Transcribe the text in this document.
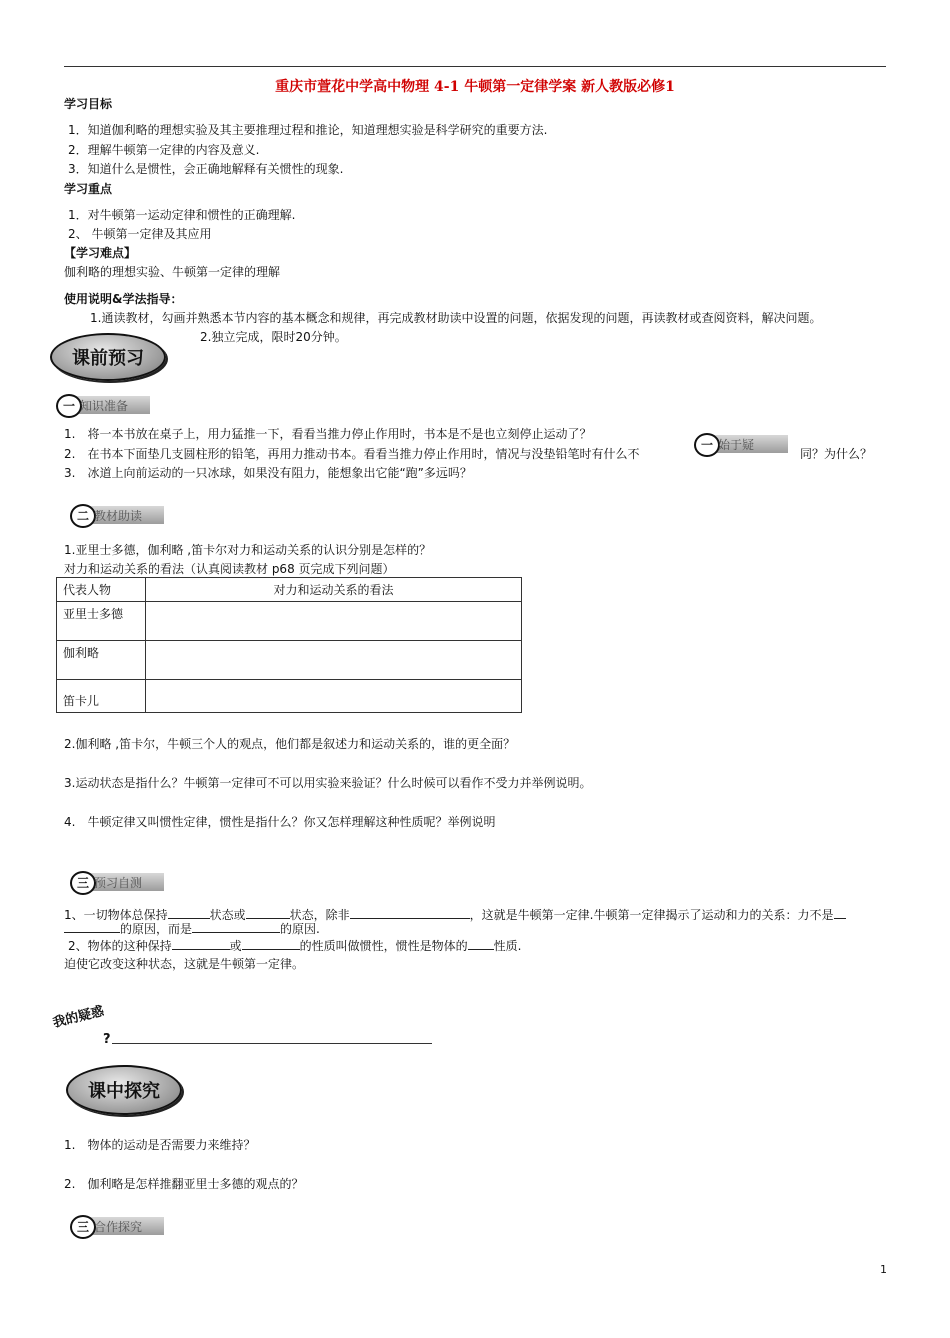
重庆市萱花中学高中物理 4-1 牛顿第一定律学案 新人教版必修1
学习目标
1．知道伽利略的理想实验及其主要推理过程和推论，知道理想实验是科学研究的重要方法.
2．理解牛顿第一定律的内容及意义.
3．知道什么是惯性，会正确地解释有关惯性的现象.
学习重点
1．对牛顿第一运动定律和惯性的正确理解.
2、 牛顿第一定律及其应用
【学习难点】
伽利略的理想实验、牛顿第一定律的理解
使用说明&学法指导：
1.通读教材，勾画并熟悉本节内容的基本概念和规律，再完成教材助读中设置的问题，依据发现的问题，再读教材或查阅资料，解决问题。
2.独立完成，限时20分钟。
课前预习
一 知识准备
1.　将一本书放在桌子上，用力猛推一下，看看当推力停止作用时，书本是不是也立刻停止运动了？
2.　在书本下面垫几支圆柱形的铅笔，再用力推动书本。看看当推力停止作用时，情况与没垫铅笔时有什么不	同？为什么？
3.　冰道上向前运动的一只冰球，如果没有阻力，能想象出它能“跑”多远吗？
一 始于疑
二 教材助读
1.亚里士多德，伽利略 ,笛卡尔对力和运动关系的认识分别是怎样的？
对力和运动关系的看法（认真阅读教材 p68 页完成下列问题）
代表人物	对力和运动关系的看法
亚里士多德	
伽利略	
笛卡儿	
2.伽利略 ,笛卡尔，牛顿三个人的观点，他们都是叙述力和运动关系的，谁的更全面？
3.运动状态是指什么？牛顿第一定律可不可以用实验来验证？什么时候可以看作不受力并举例说明。
4.　牛顿定律又叫惯性定律，惯性是指什么？你又怎样理解这种性质呢？举例说明
三 预习自测
1、一切物体总保持	状态或	状态，除非	，这就是牛顿第一定律.牛顿第一定律揭示了运动和力的关系：力不是
的原因，而是	的原因.
2、物体的这种保持	或	的性质叫做惯性，惯性是物体的 性质.
迫使它改变这种状态，这就是牛顿第一定律。
我的疑惑
?
课中探究
1.　物体的运动是否需要力来维持？
2.　伽利略是怎样推翻亚里士多德的观点的？
三 合作探究
1
